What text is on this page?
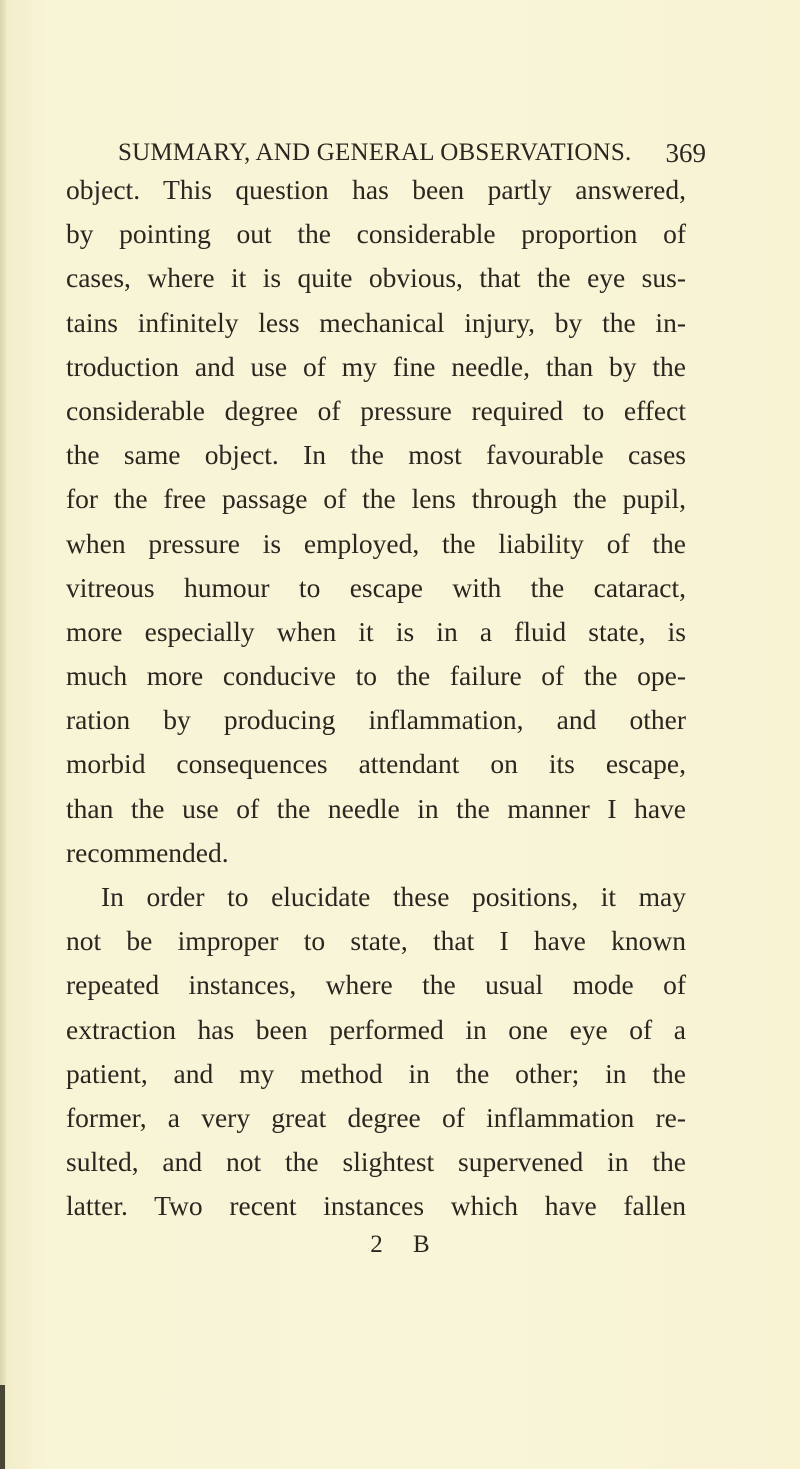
SUMMARY, AND GENERAL OBSERVATIONS. 369
object. This question has been partly answered,
by pointing out the considerable proportion of
cases, where it is quite obvious, that the eye sus-
tains infinitely less mechanical injury, by the in-
troduction and use of my fine needle, than by the
considerable degree of pressure required to effect
the same object. In the most favourable cases
for the free passage of the lens through the pupil,
when pressure is employed, the liability of the
vitreous humour to escape with the cataract,
more especially when it is in a fluid state, is
much more conducive to the failure of the ope-
ration by producing inflammation, and other
morbid consequences attendant on its escape,
than the use of the needle in the manner I have
recommended.
In order to elucidate these positions, it may
not be improper to state, that I have known
repeated instances, where the usual mode of
extraction has been performed in one eye of a
patient, and my method in the other; in the
former, a very great degree of inflammation re-
sulted, and not the slightest supervened in the
latter. Two recent instances which have fallen
2 B
